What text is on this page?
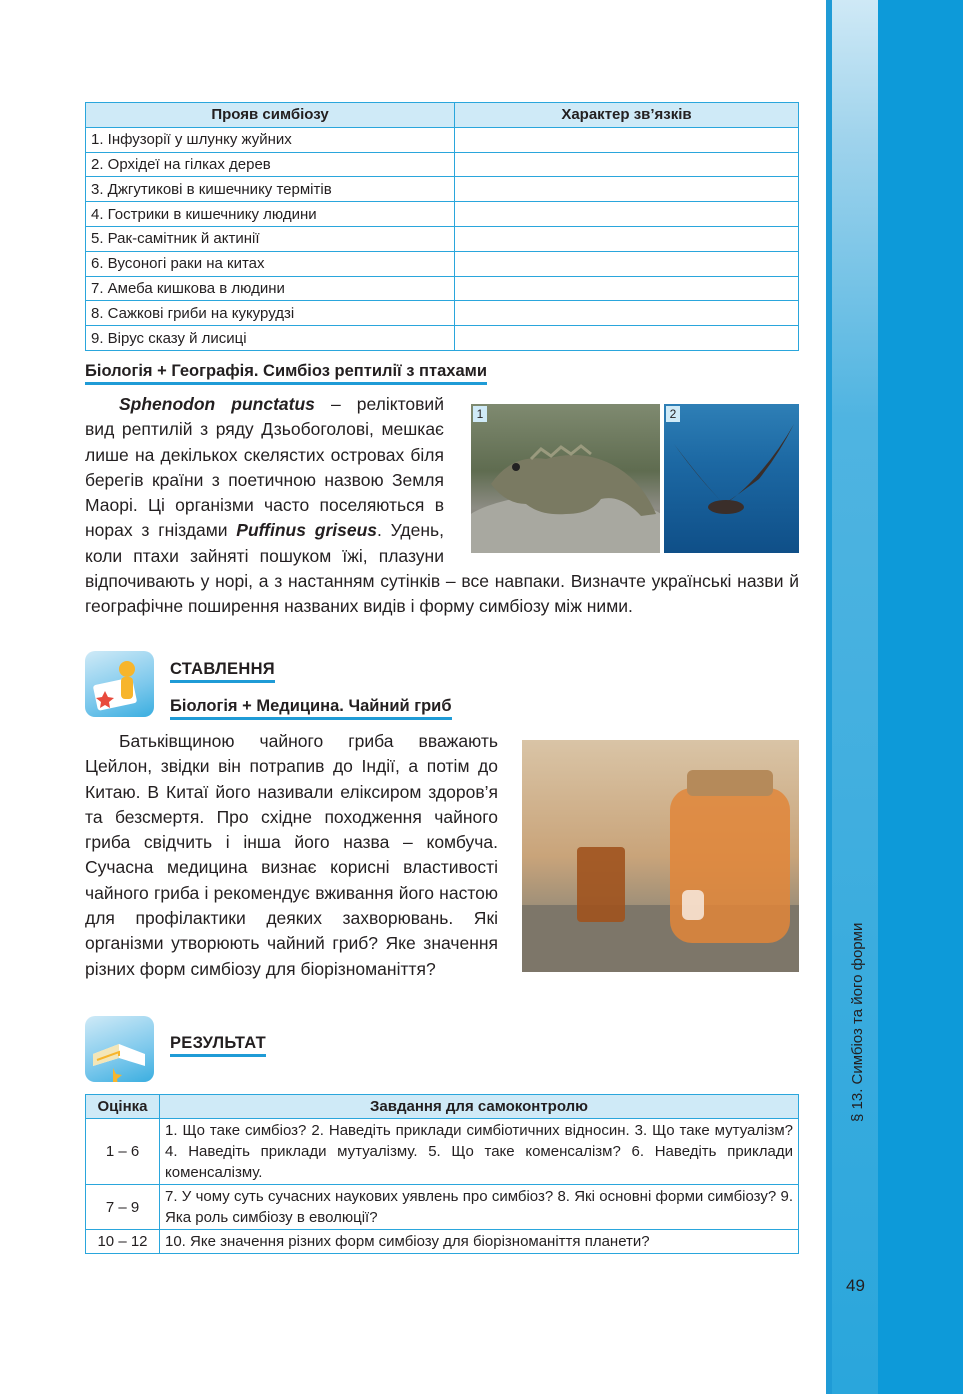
§ 13. Симбіоз та його форми
49
Прояв симбіозу	Характер зв’язків
1. Інфузорії у шлунку жуйних	
2. Орхідеї на гілках дерев	
3. Джгутикові в кишечнику термітів	
4. Гострики в кишечнику людини	
5. Рак-самітник й актинії	
6. Вусоногі раки на китах	
7. Амеба кишкова в людини	
8. Сажкові гриби на кукурудзі	
9. Вірус сказу й лисиці	
Біологія + Географія. Симбіоз рептилії з птахами
1	2

Sphenodon punctatus – реліктовий вид рептилій з ряду Дзьобоголові, мешкає лише на декількох скелястих островах біля берегів країни з поетичною назвою Земля Маорі. Ці організми часто поселяються в норах з гніздами Puffinus griseus. Удень, коли птахи зайняті пошуком їжі, плазуни відпочивають у норі, а з настанням сутінків – все навпаки. Визначте українські назви й географічне поширення названих видів і форму симбіозу між ними.

СТАВЛЕННЯ
Біологія + Медицина. Чайний гриб

Батьківщиною чайного гриба вважають Цейлон, звідки він потрапив до Індії, а потім до Китаю. В Китаї його називали еліксиром здоров’я та безсмертя. Про східне походження чайного гриба свідчить і інша його назва – комбуча. Сучасна медицина визнає корисні властивості чайного гриба і рекомендує вживання його настою для профілактики деяких захворювань. Які організми утворюють чайний гриб? Яке значення різних форм симбіозу для біорізноманіття?

РЕЗУЛЬТАТ
Оцінка	Завдання для самоконтролю
1 – 6	1. Що таке симбіоз? 2. Наведіть приклади симбіотичних відносин. 3. Що таке мутуалізм? 4. Наведіть приклади мутуалізму. 5. Що таке коменсалізм? 6. Наведіть приклади коменсалізму.
7 – 9	7. У чому суть сучасних наукових уявлень про симбіоз? 8. Які основні форми симбіозу? 9. Яка роль симбіозу в еволюції?
10 – 12	10. Яке значення різних форм симбіозу для біорізноманіття планети?
